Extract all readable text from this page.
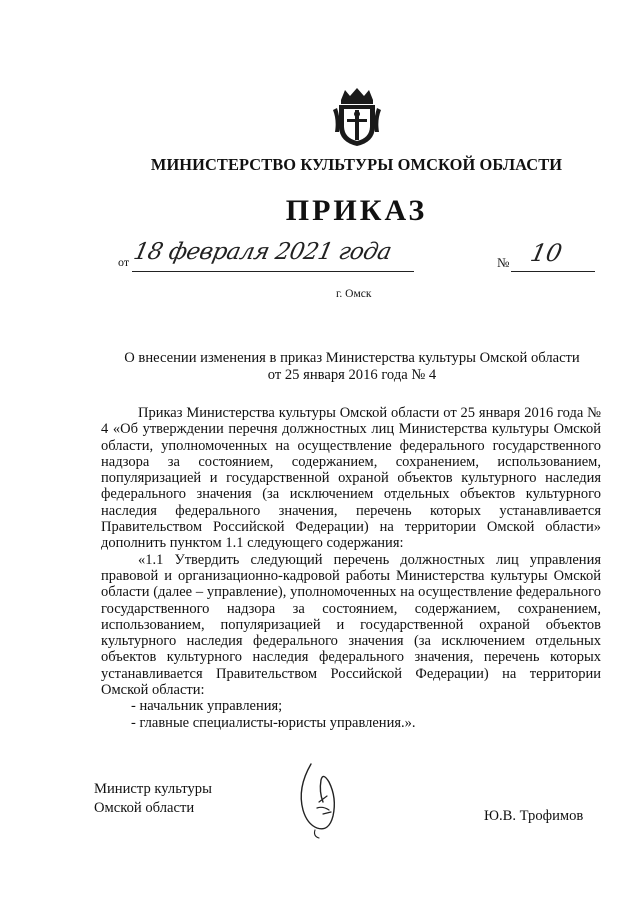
МИНИСТЕРСТВО КУЛЬТУРЫ ОМСКОЙ ОБЛАСТИ
ПРИКАЗ
от 18 февраля 2021 года	№ 10
г. Омск
О внесении изменения в приказ Министерства культуры Омской области
от 25 января 2016 года № 4

Приказ Министерства культуры Омской области от 25 января 2016 года № 4 «Об утверждении перечня должностных лиц Министерства культуры Омской области, уполномоченных на осуществление федерального государственного надзора за состоянием, содержанием, сохранением, использованием, популяризацией и государственной охраной объектов культурного наследия федерального значения (за исключением отдельных объектов культурного наследия федерального значения, перечень которых устанавливается Правительством Российской Федерации) на территории Омской области» дополнить пунктом 1.1 следующего содержания:

«1.1 Утвердить следующий перечень должностных лиц управления правовой и организационно-кадровой работы Министерства культуры Омской области (далее – управление), уполномоченных на осуществление федерального государственного надзора за состоянием, содержанием, сохранением, использованием, популяризацией и государственной охраной объектов культурного наследия федерального значения (за исключением отдельных объектов культурного наследия федерального значения, перечень которых устанавливается Правительством Российской Федерации) на территории Омской области:

- начальник управления;

- главные специалисты-юристы управления.».

Министр культуры
Омской области	Ю.В. Трофимов
